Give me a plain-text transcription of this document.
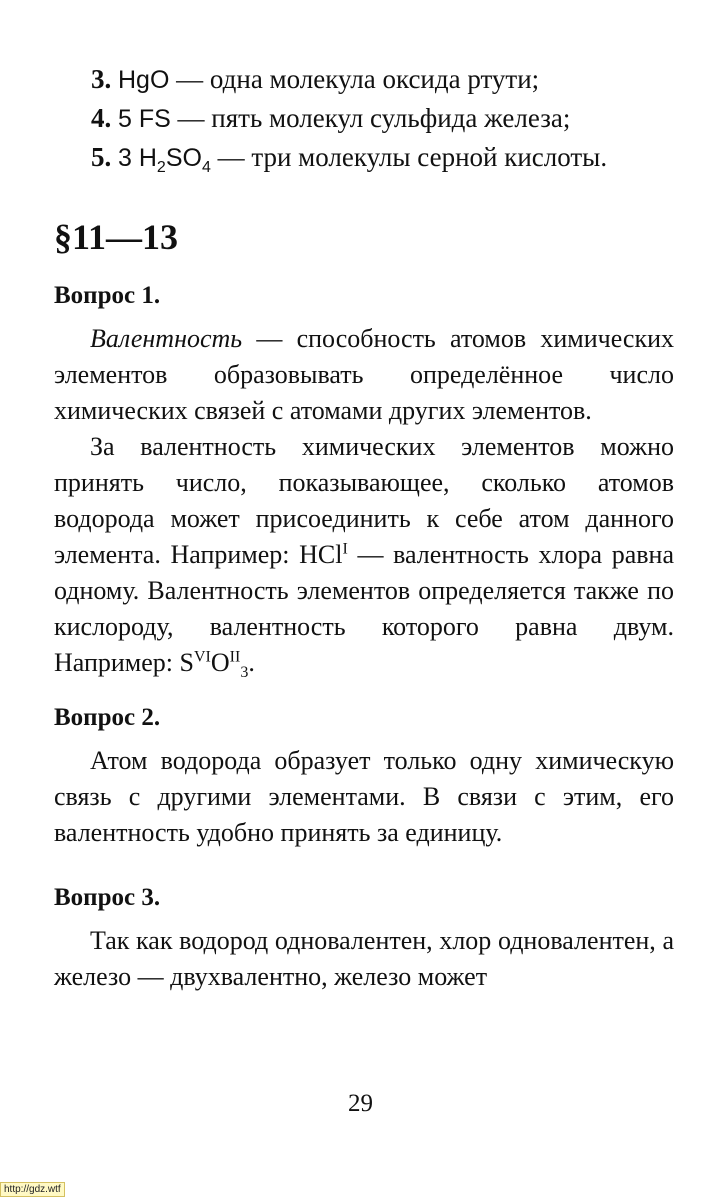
3. HgO — одна молекула оксида ртути;
4. 5 FS — пять молекул сульфида железа;
5. 3 $H_2SO_4$ — три молекулы серной кислоты.
§11—13
Вопрос 1.

Валентность — способность атомов химических элементов образовывать определённое число химических связей с атомами других элементов.

За валентность химических элементов можно принять число, показывающее, сколько атомов водорода может присоединить к себе атом данного элемента. Например: HCl$^I$ — валентность хлора равна одному. Валентность элементов определяется также по кислороду, валентность которого равна двум. Например: $S^{VI}O^{II}_3$.

Вопрос 2.

Атом водорода образует только одну химическую связь с другими элементами. В связи с этим, его валентность удобно принять за единицу.

Вопрос 3.

Так как водород одновалентен, хлор одновалентен, а железо — двухвалентно, железо может

29
http://gdz.wtf
